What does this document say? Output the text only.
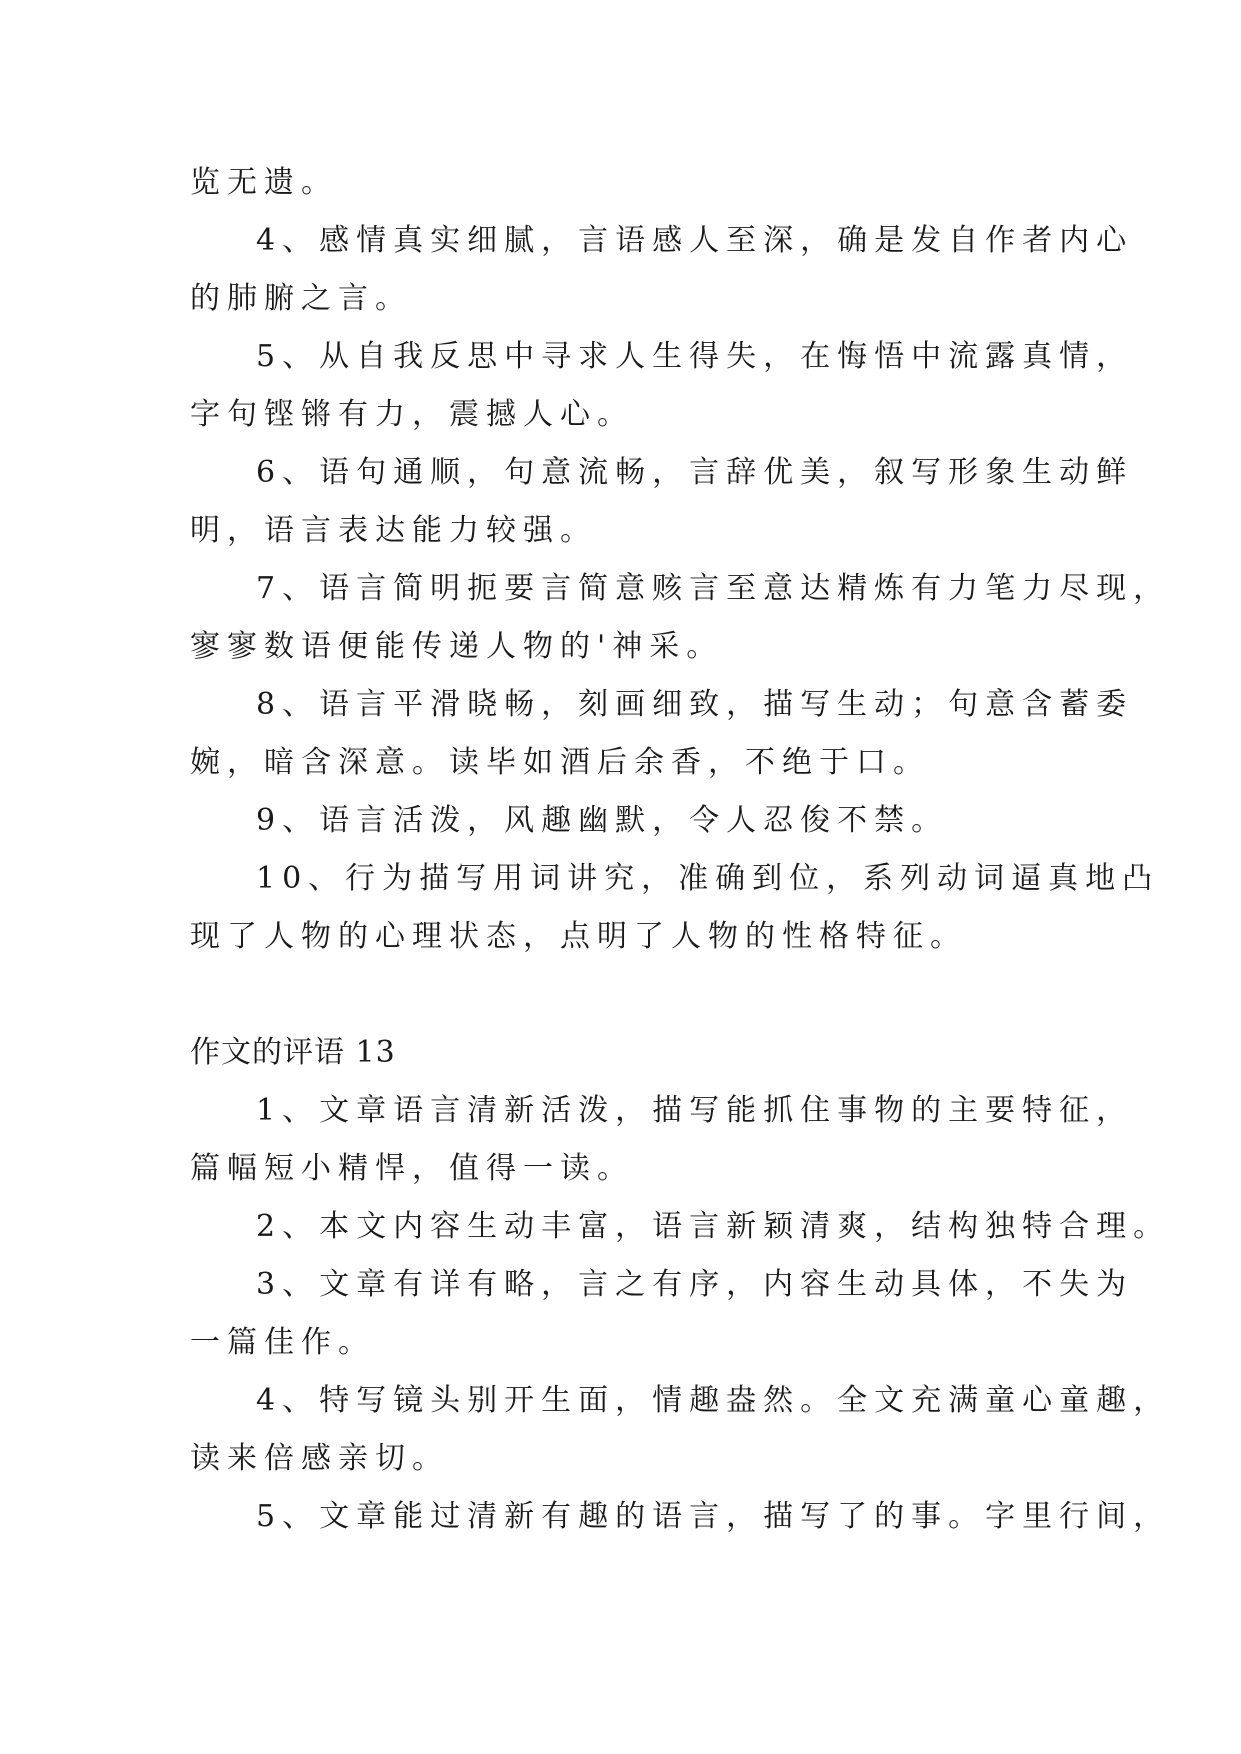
览无遗。
4、感情真实细腻，言语感人至深，确是发自作者内心
的肺腑之言。
5、从自我反思中寻求人生得失，在悔悟中流露真情，
字句铿锵有力，震撼人心。
6、语句通顺，句意流畅，言辞优美，叙写形象生动鲜
明，语言表达能力较强。
7、语言简明扼要言简意赅言至意达精炼有力笔力尽现，
寥寥数语便能传递人物的'神采。
8、语言平滑晓畅，刻画细致，描写生动；句意含蓄委
婉，暗含深意。读毕如酒后余香，不绝于口。
9、语言活泼，风趣幽默，令人忍俊不禁。
10、行为描写用词讲究，准确到位，系列动词逼真地凸
现了人物的心理状态，点明了人物的性格特征。
作文的评语 13
1、文章语言清新活泼，描写能抓住事物的主要特征，
篇幅短小精悍，值得一读。
2、本文内容生动丰富，语言新颖清爽，结构独特合理。
3、文章有详有略，言之有序，内容生动具体，不失为
一篇佳作。
4、特写镜头别开生面，情趣盎然。全文充满童心童趣，
读来倍感亲切。
5、文章能过清新有趣的语言，描写了的事。字里行间，
